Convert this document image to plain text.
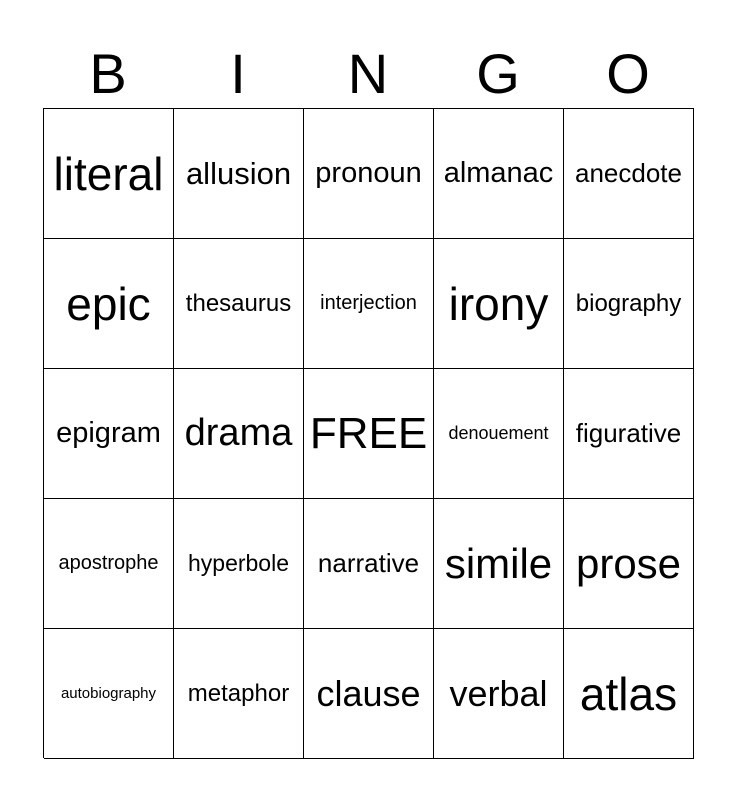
B	I	N	G	O
literal allusion pronoun almanac anecdote
epic thesaurus interjection irony biography
epigram drama FREE denouement figurative
apostrophe hyperbole narrative simile prose
autobiography metaphor clause verbal atlas
